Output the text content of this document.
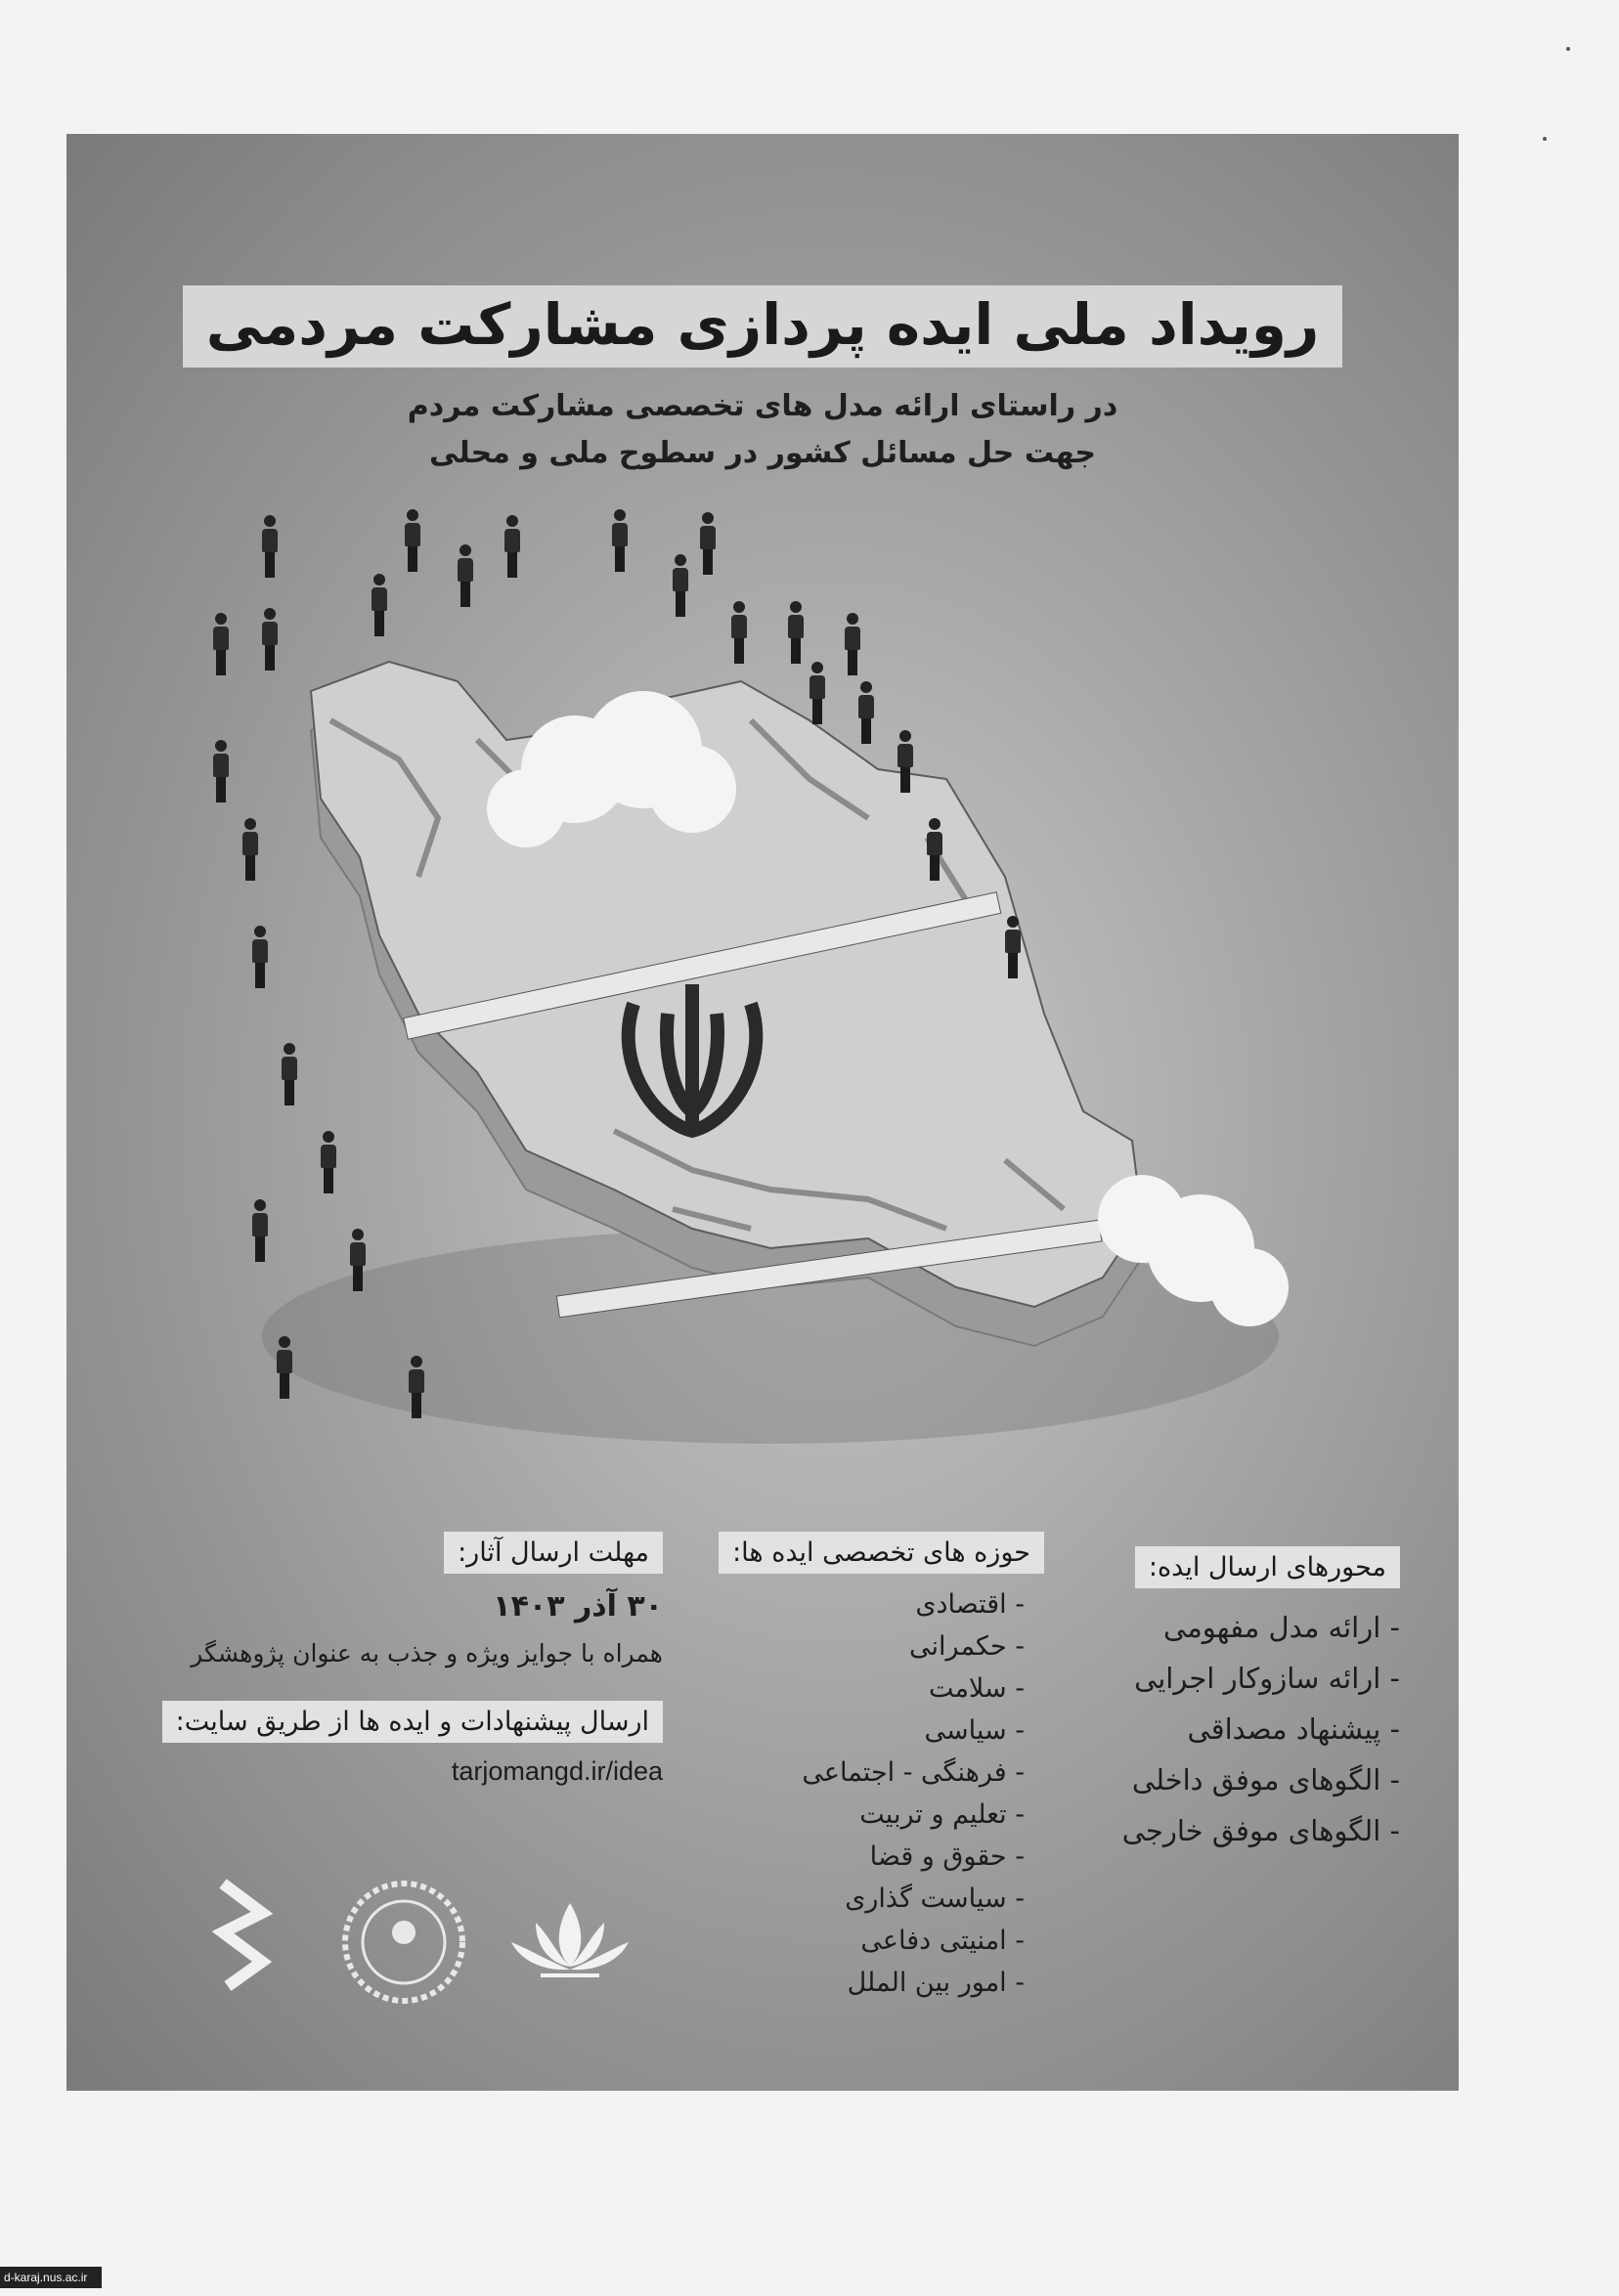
رویداد ملی ایده پردازی مشارکت مردمی
در راستای ارائه مدل های تخصصی مشارکت مردم
جهت حل مسائل کشور در سطوح ملی و محلی
محورهای ارسال ایده:
- ارائه مدل مفهومی
- ارائه سازوکار اجرایی
- پیشنهاد مصداقی
- الگوهای موفق داخلی
- الگوهای موفق خارجی
حوزه های تخصصی ایده ها:
- اقتصادی
- حکمرانی
- سلامت
- سیاسی
- فرهنگی - اجتماعی
- تعلیم و تربیت
- حقوق و قضا
- سیاست گذاری
- امنیتی دفاعی
- امور بین الملل
مهلت ارسال آثار:
۳۰ آذر ۱۴۰۳
همراه با جوایز ویژه و جذب به عنوان پژوهشگر
ارسال پیشنهادات و ایده ها از طریق سایت:
tarjomangd.ir/idea
d-karaj.nus.ac.ir
